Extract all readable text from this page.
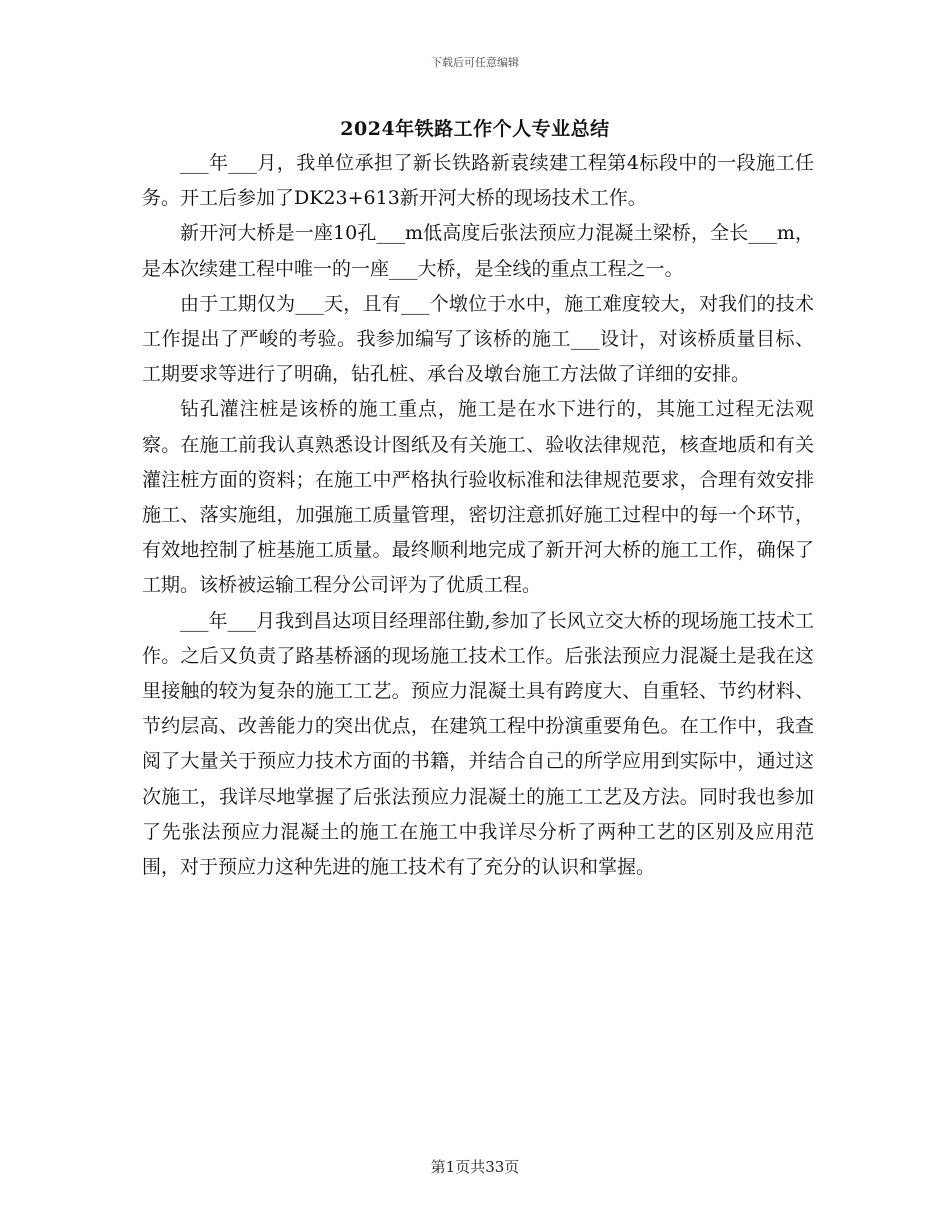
下载后可任意编辑
2024年铁路工作个人专业总结

___年___月，我单位承担了新长铁路新袁续建工程第4标段中的一段施工任务。开工后参加了DK23+613新开河大桥的现场技术工作。

新开河大桥是一座10孔___m低高度后张法预应力混凝土梁桥，全长___m，是本次续建工程中唯一的一座___大桥，是全线的重点工程之一。

由于工期仅为___天，且有___个墩位于水中，施工难度较大，对我们的技术工作提出了严峻的考验。我参加编写了该桥的施工___设计，对该桥质量目标、工期要求等进行了明确，钻孔桩、承台及墩台施工方法做了详细的安排。

钻孔灌注桩是该桥的施工重点，施工是在水下进行的，其施工过程无法观察。在施工前我认真熟悉设计图纸及有关施工、验收法律规范，核查地质和有关灌注桩方面的资料；在施工中严格执行验收标准和法律规范要求，合理有效安排施工、落实施组，加强施工质量管理，密切注意抓好施工过程中的每一个环节，有效地控制了桩基施工质量。最终顺利地完成了新开河大桥的施工工作，确保了工期。该桥被运输工程分公司评为了优质工程。

___年___月我到昌达项目经理部住勤,参加了长风立交大桥的现场施工技术工作。之后又负责了路基桥涵的现场施工技术工作。后张法预应力混凝土是我在这里接触的较为复杂的施工工艺。预应力混凝土具有跨度大、自重轻、节约材料、节约层高、改善能力的突出优点，在建筑工程中扮演重要角色。在工作中，我查阅了大量关于预应力技术方面的书籍，并结合自己的所学应用到实际中，通过这次施工，我详尽地掌握了后张法预应力混凝土的施工工艺及方法。同时我也参加了先张法预应力混凝土的施工在施工中我详尽分析了两种工艺的区别及应用范围，对于预应力这种先进的施工技术有了充分的认识和掌握。

第1页共33页
